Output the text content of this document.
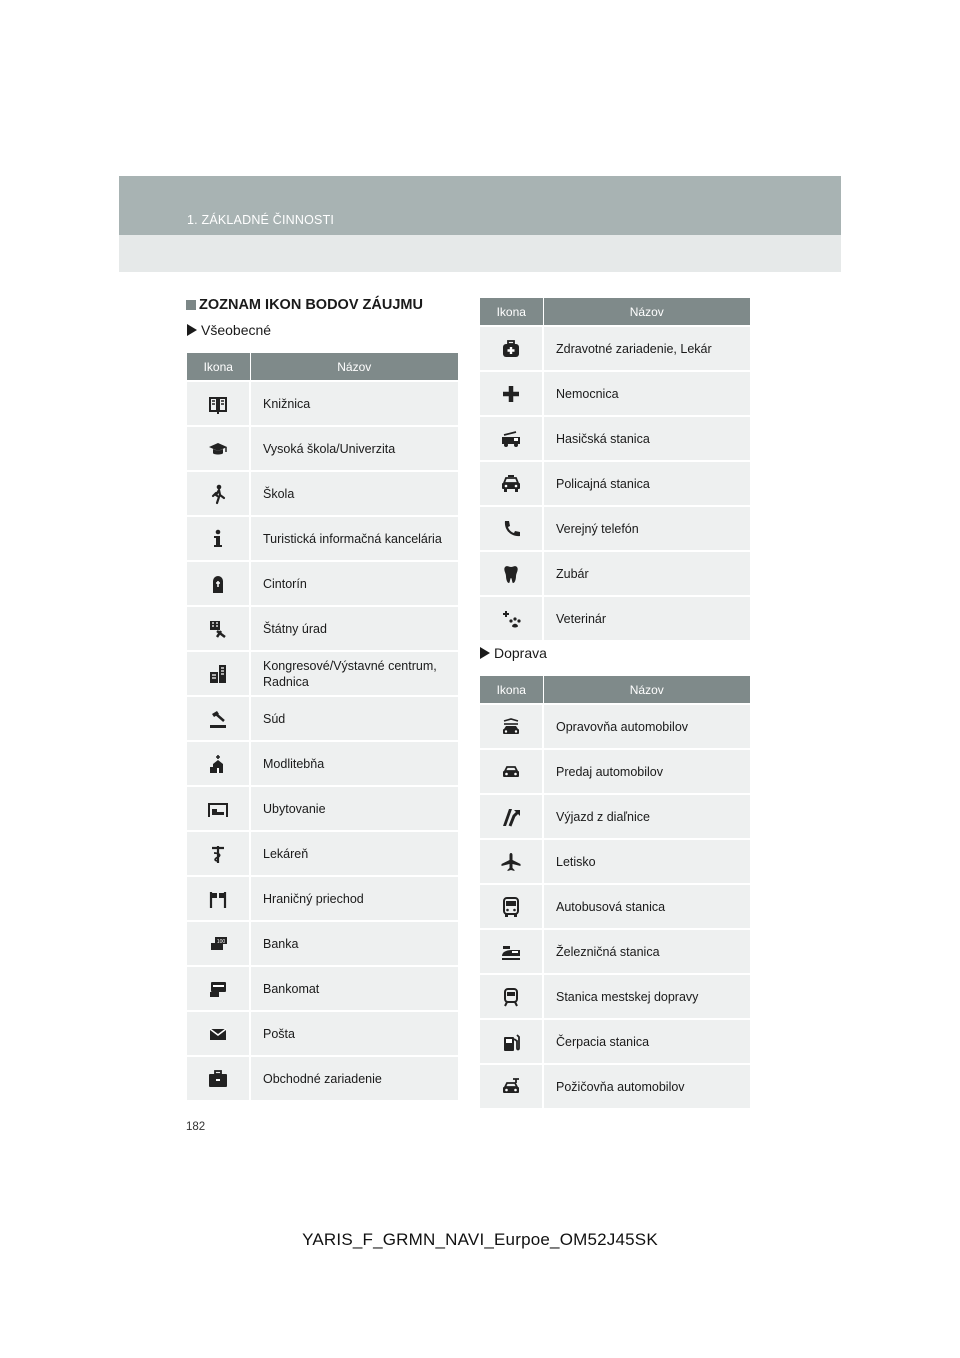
1. ZÁKLADNÉ ČINNOSTI
ZOZNAM IKON BODOV ZÁUJMU
Všeobecné
Ikona	Názov

	Knižnica

	Vysoká škola/Univerzita

	Škola

	Turistická informačná kancelária

	Cintorín

	Štátny úrad

	Kongresové/Výstavné centrum, Radnica

	Súd

	Modlitebňa

	Ubytovanie

	Lekáreň

	Hraničný priechod

100	Banka

	Bankomat

	Pošta

	Obchodné zariadenie
Ikona	Názov

	Zdravotné zariadenie, Lekár

	Nemocnica

	Hasičská stanica

	Policajná stanica

	Verejný telefón

	Zubár

	Veterinár
Doprava
Ikona	Názov

	Opravovňa automobilov

	Predaj automobilov

	Výjazd z diaľnice

	Letisko

	Autobusová stanica

	Železničná stanica

	Stanica mestskej dopravy

	Čerpacia stanica

	Požičovňa automobilov
182
YARIS_F_GRMN_NAVI_Eurpoe_OM52J45SK
